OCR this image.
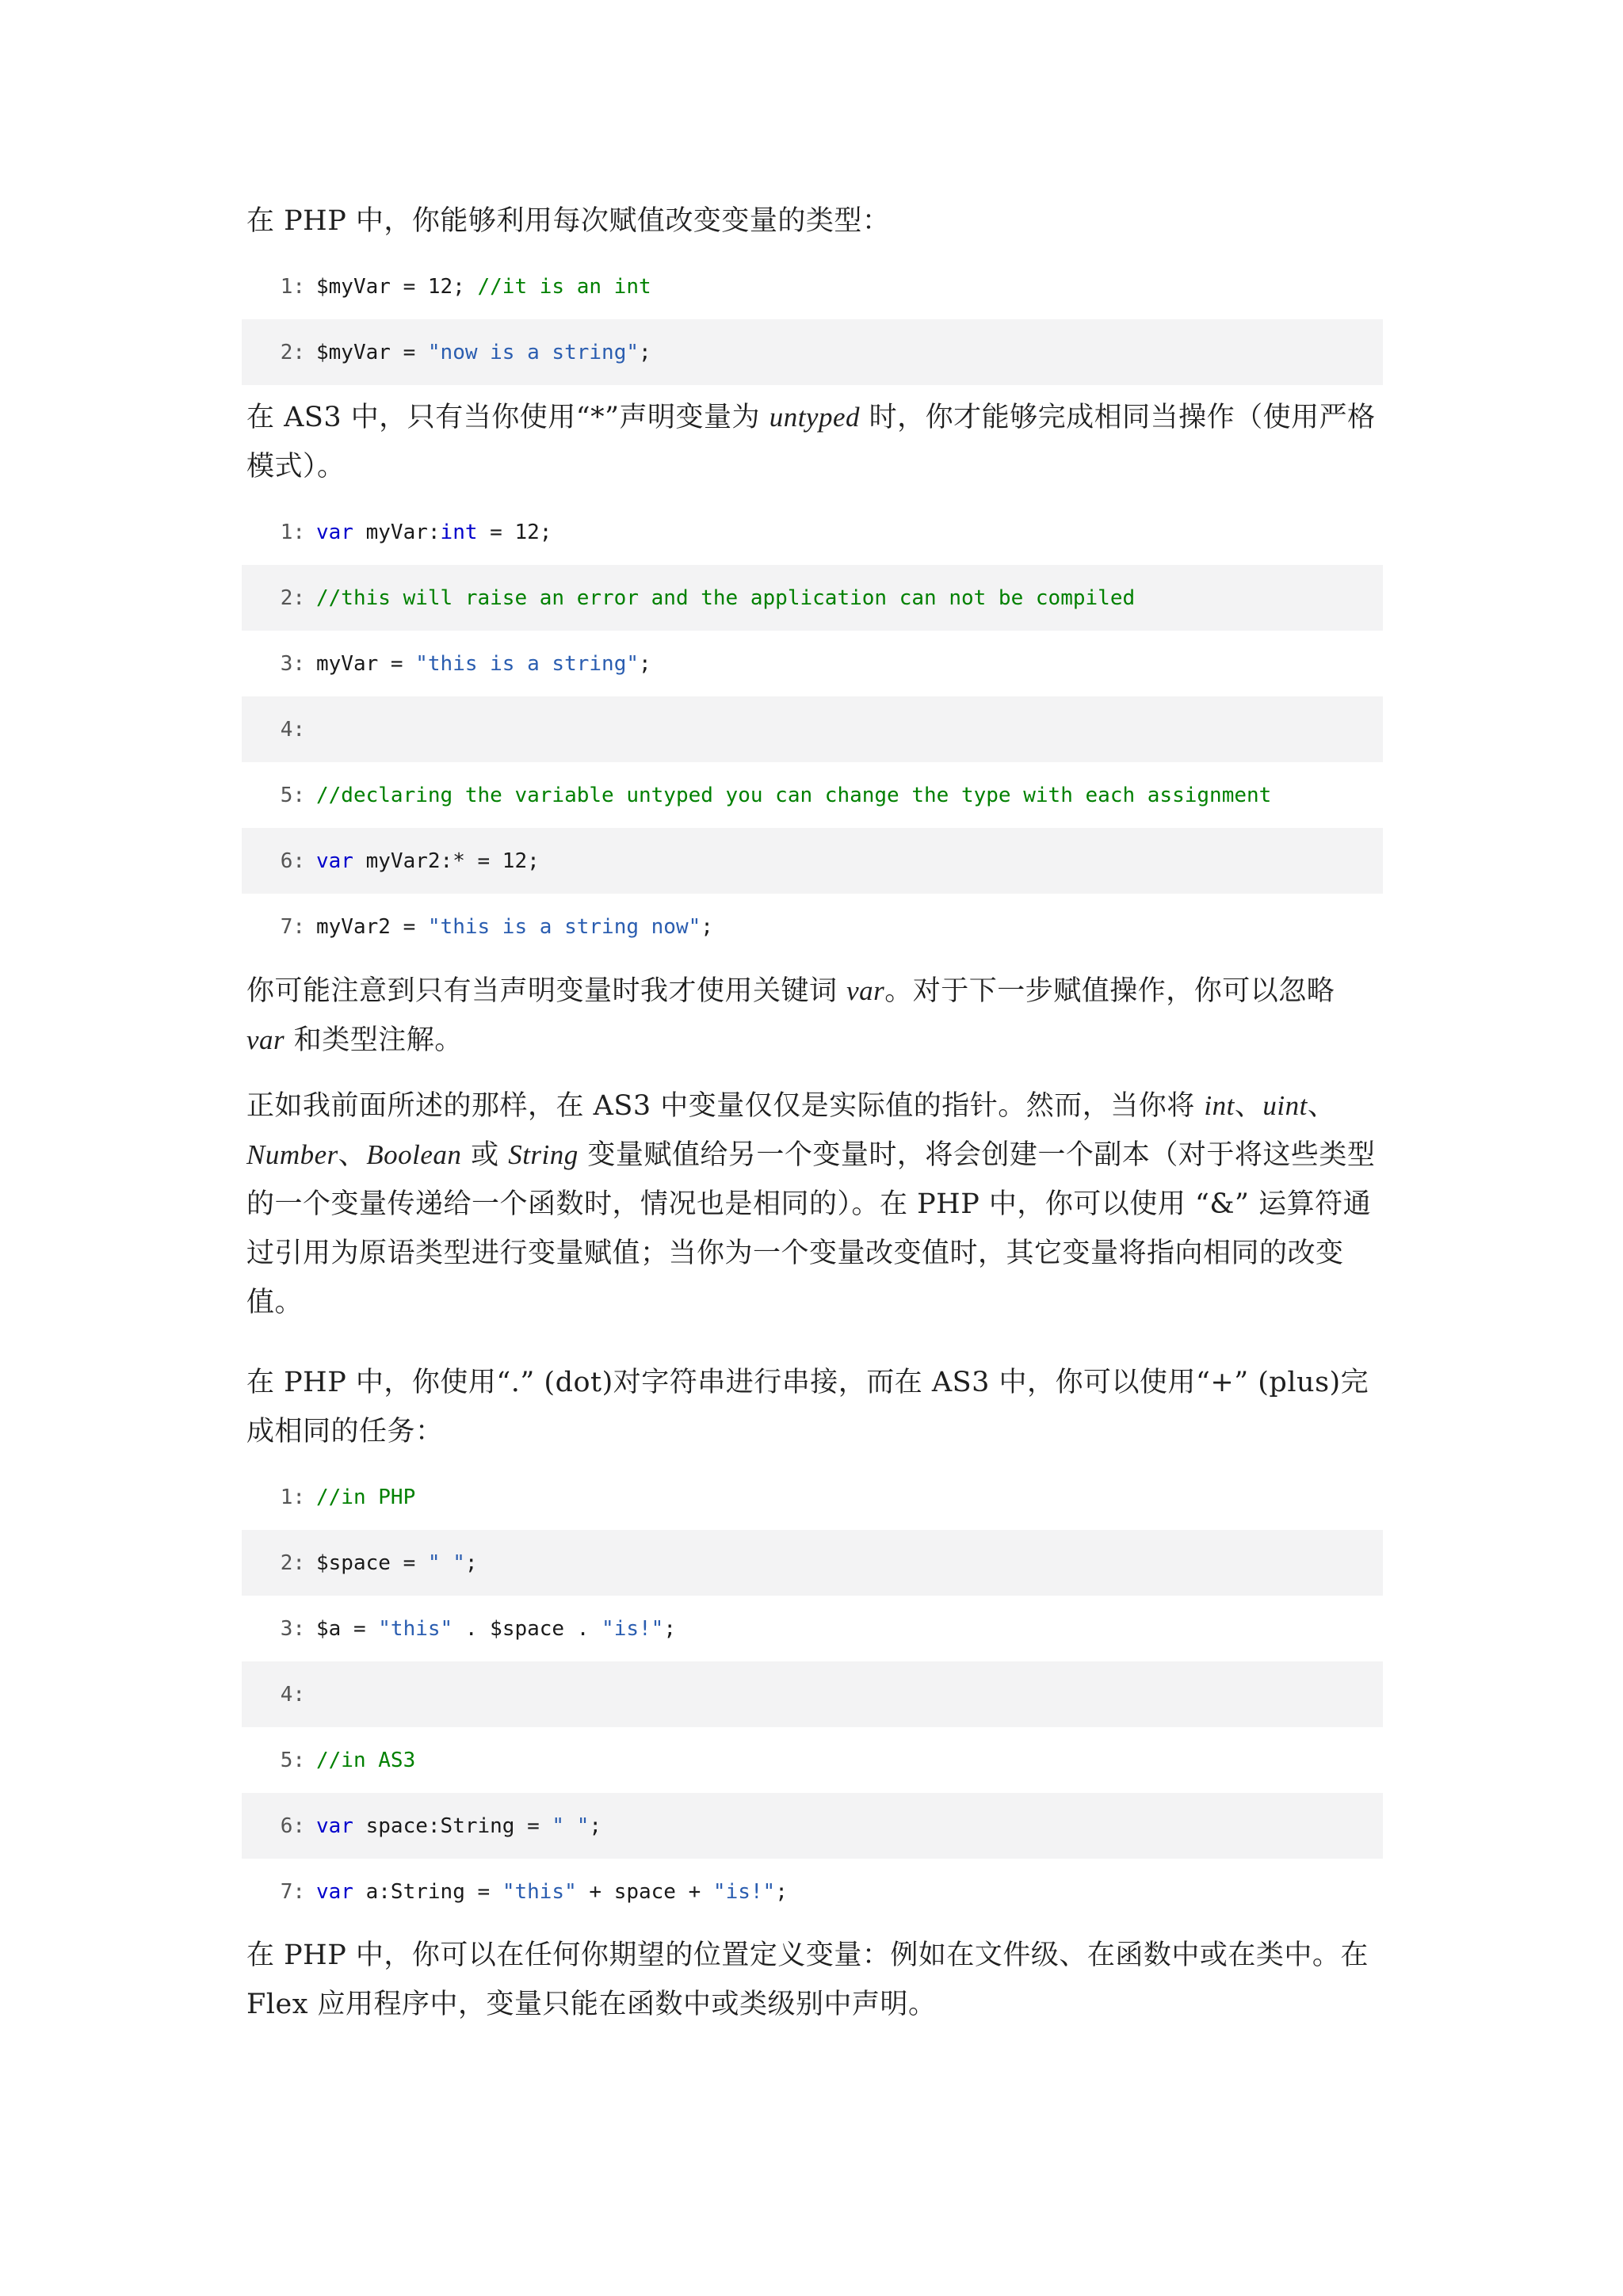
在 PHP 中，你能够利用每次赋值改变变量的类型：

1: $myVar = 12; //it is an int
2: $myVar = "now is a string" ;

在 AS3 中，只有当你使用“*”声明变量为 untyped 时，你才能够完成相同当操作（使用严格模式）。

1: var myVar: int = 12;
2: //this will raise an error and the application can not be compiled
3: myVar = "this is a string" ;
4:
5: //declaring the variable untyped you can change the type with each assignment
6: var myVar2:* = 12;
7: myVar2 = "this is a string now" ;

你可能注意到只有当声明变量时我才使用关键词 var。对于下一步赋值操作，你可以忽略 var 和类型注解。

正如我前面所述的那样，在 AS3 中变量仅仅是实际值的指针。然而，当你将 int、uint、Number、Boolean 或 String 变量赋值给另一个变量时，将会创建一个副本（对于将这些类型的一个变量传递给一个函数时，情况也是相同的）。在 PHP 中，你可以使用 “&” 运算符通过引用为原语类型进行变量赋值；当你为一个变量改变值时，其它变量将指向相同的改变值。

在 PHP 中，你使用“.” (dot)对字符串进行串接，而在 AS3 中，你可以使用“+” (plus)完成相同的任务：

1: //in PHP
2: $space = " " ;
3: $a = "this" . $space . "is!" ;
4:
5: //in AS3
6: var space:String = " " ;
7: var a:String = "this" + space + "is!" ;

在 PHP 中，你可以在任何你期望的位置定义变量：例如在文件级、在函数中或在类中。在 Flex 应用程序中，变量只能在函数中或类级别中声明。
